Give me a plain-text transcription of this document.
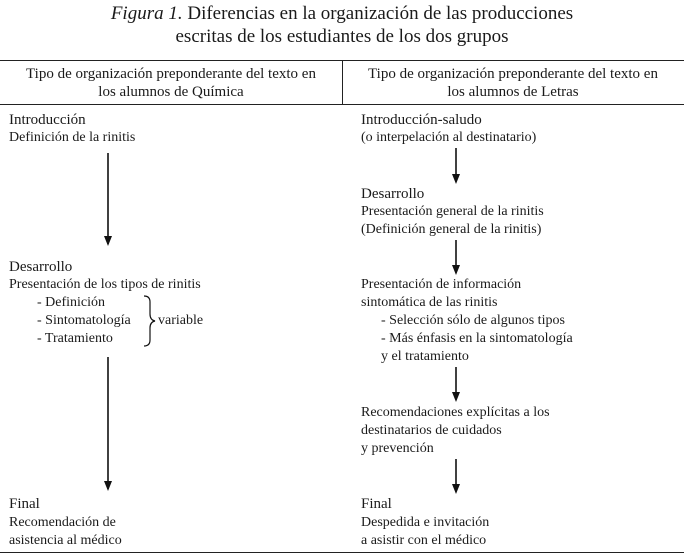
Figura 1. Diferencias en la organización de las producciones
escritas de los estudiantes de los dos grupos
Tipo de organización preponderante del texto en
los alumnos de Química
Tipo de organización preponderante del texto en
los alumnos de Letras
Introducción
Definición de la rinitis
Desarrollo
Presentación de los tipos de rinitis
- Definición
- Sintomatología
- Tratamiento
variable
Final
Recomendación de
asistencia al médico
Introducción-saludo
(o interpelación al destinatario)
Desarrollo
Presentación general de la rinitis
(Definición general de la rinitis)
Presentación de información
sintomática de las rinitis
- Selección sólo de algunos tipos
- Más énfasis en la sintomatología
y el tratamiento
Recomendaciones explícitas a los
destinatarios de cuidados
y prevención
Final
Despedida e invitación
a asistir con el médico
